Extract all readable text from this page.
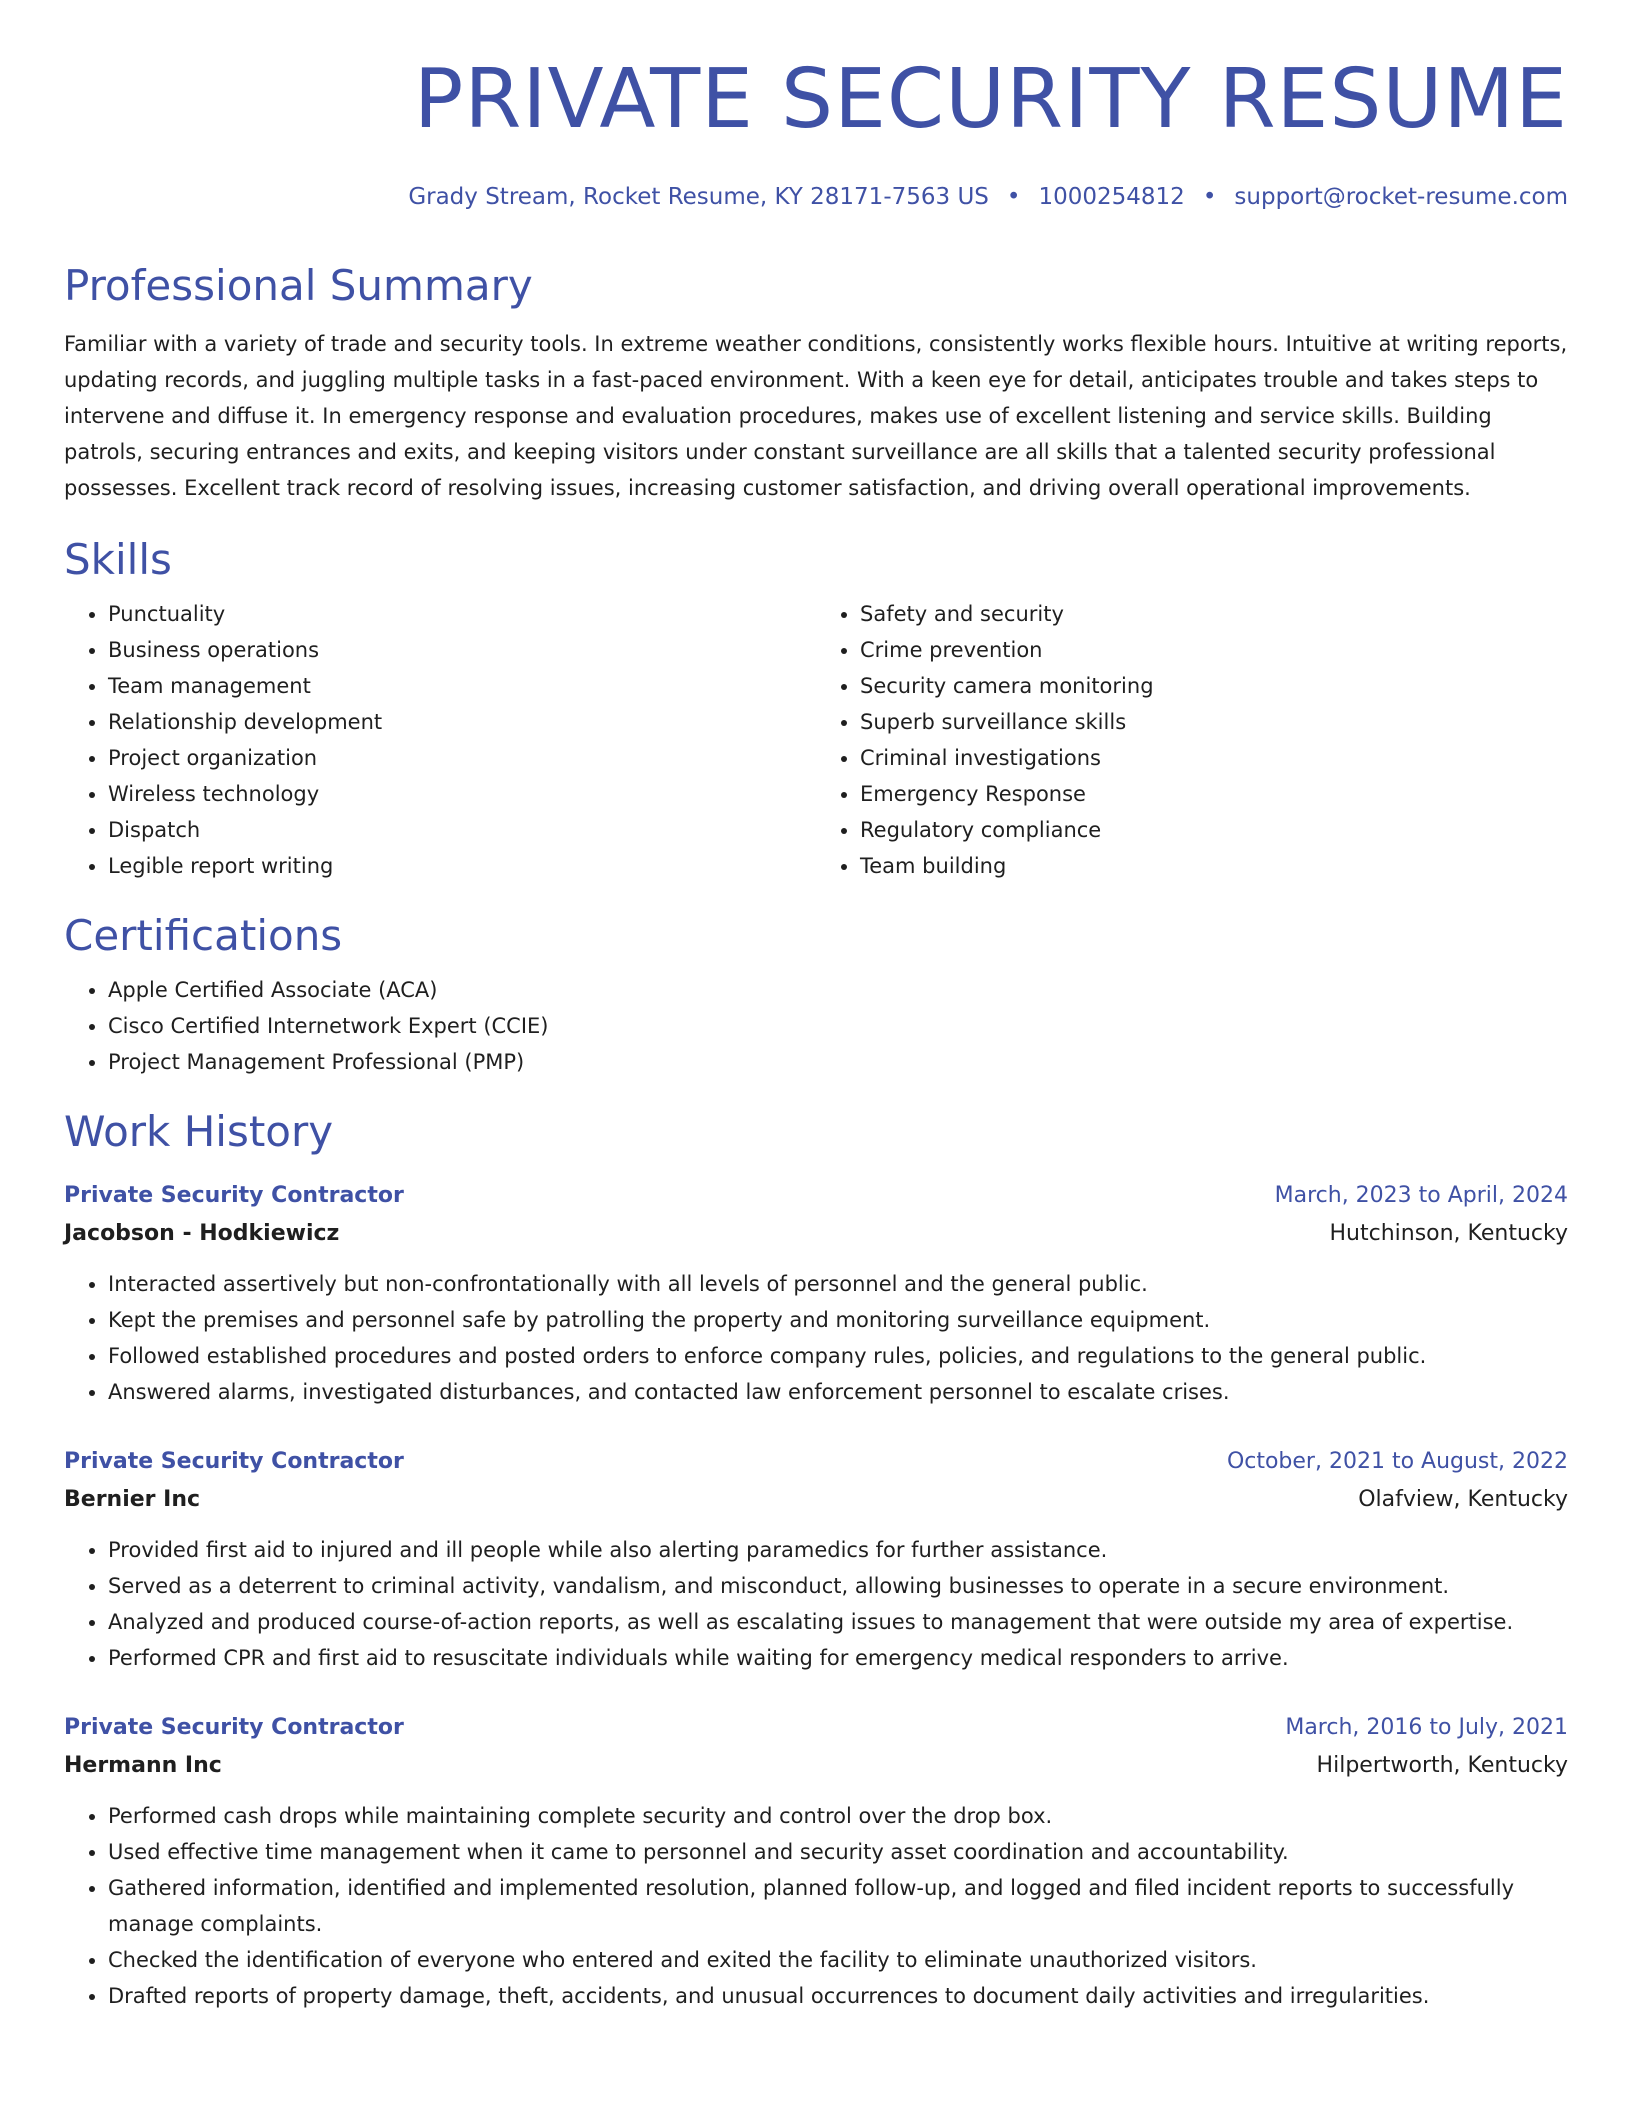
PRIVATE SECURITY RESUME
Grady Stream, Rocket Resume, KY 28171-7563 US • 1000254812 • support@rocket-resume.com
Professional Summary

Familiar with a variety of trade and security tools. In extreme weather conditions, consistently works flexible hours. Intuitive at writing reports, updating records, and juggling multiple tasks in a fast-paced environment. With a keen eye for detail, anticipates trouble and takes steps to intervene and diffuse it. In emergency response and evaluation procedures, makes use of excellent listening and service skills. Building patrols, securing entrances and exits, and keeping visitors under constant surveillance are all skills that a talented security professional possesses. Excellent track record of resolving issues, increasing customer satisfaction, and driving overall operational improvements.

Skills
• Punctuality
• Business operations
• Team management
• Relationship development
• Project organization
• Wireless technology
• Dispatch
• Legible report writing
• Safety and security
• Crime prevention
• Security camera monitoring
• Superb surveillance skills
• Criminal investigations
• Emergency Response
• Regulatory compliance
• Team building
Certifications
• Apple Certified Associate (ACA)
• Cisco Certified Internetwork Expert (CCIE)
• Project Management Professional (PMP)
Work History
Private Security Contractor	March, 2023 to April, 2024
Jacobson - Hodkiewicz	Hutchinson, Kentucky
• Interacted assertively but non-confrontationally with all levels of personnel and the general public.
• Kept the premises and personnel safe by patrolling the property and monitoring surveillance equipment.
• Followed established procedures and posted orders to enforce company rules, policies, and regulations to the general public.
• Answered alarms, investigated disturbances, and contacted law enforcement personnel to escalate crises.
Private Security Contractor	October, 2021 to August, 2022
Bernier Inc	Olafview, Kentucky
• Provided first aid to injured and ill people while also alerting paramedics for further assistance.
• Served as a deterrent to criminal activity, vandalism, and misconduct, allowing businesses to operate in a secure environment.
• Analyzed and produced course-of-action reports, as well as escalating issues to management that were outside my area of expertise.
• Performed CPR and first aid to resuscitate individuals while waiting for emergency medical responders to arrive.
Private Security Contractor	March, 2016 to July, 2021
Hermann Inc	Hilpertworth, Kentucky
• Performed cash drops while maintaining complete security and control over the drop box.
• Used effective time management when it came to personnel and security asset coordination and accountability.
• Gathered information, identified and implemented resolution, planned follow-up, and logged and filed incident reports to successfully manage complaints.
• Checked the identification of everyone who entered and exited the facility to eliminate unauthorized visitors.
• Drafted reports of property damage, theft, accidents, and unusual occurrences to document daily activities and irregularities.
